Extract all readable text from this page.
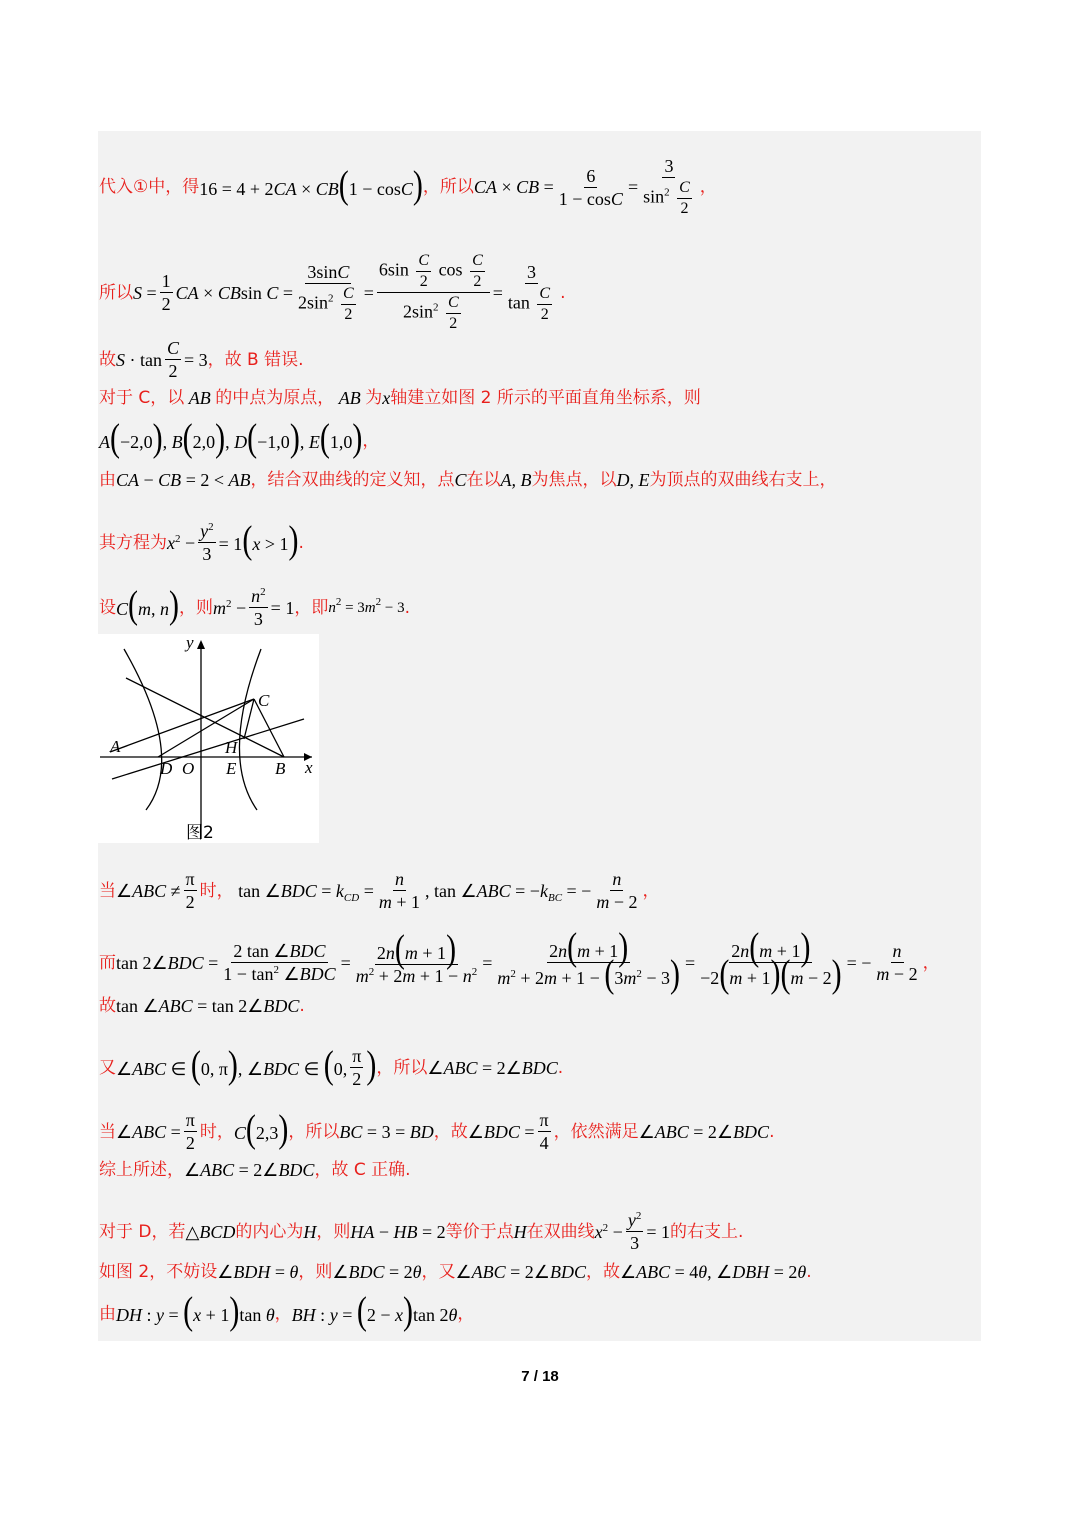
代入①中，得 16 = 4 + 2CA × CB(1 − cosC) ，所以 CA × CB = $\frac{6}{1 - \cos C} = \frac{3}{\sin^2 \frac{C}{2}}$ ，
所以 $S = \frac{1}{2}$ CA × CBsin $C = \frac{3\sin C}{2\sin^2 \frac{C}{2}} = \frac{6\sin \frac{C}{2} \cos \frac{C}{2}}{2\sin^2 \frac{C}{2}} = \frac{3}{\tan \frac{C}{2}}$ .
故 $S \cdot \tan \frac{C}{2} = 3$ ，故 B 错误.
对于 C，以 AB 的中点为原点， AB 为 x 轴建立如图 2 所示的平面直角坐标系，则
A(−2,0), B(2,0), D(−1,0), E(1,0) ，
由 CA − CB = 2 < AB ，结合双曲线的定义知，点 C 在以 A, B 为焦点，以 D, E 为顶点的双曲线右支上，
其方程为 $x^2 - \frac{y^2}{3} = 1(x > 1)$ .
设 C(m, n) ，则 $m^2 - \frac{n^2}{3} = 1$ ，即 $n^2 = 3m^2 - 3$ .
y
x
A
C
H
D O E B
图2
当 ∠ABC ≠
π
2
时， tan ∠BDC = $k_{CD} = \frac{n}{m + 1}$ , tan ∠ABC = $-k_{BC}$ = − $\frac{n}{m - 2}$ ，
而 tan 2∠BDC =
2 tan ∠BDC
$1 - \tan^2$ ∠BDC
= $\frac{2n(m + 1)}{m^2 + 2m + 1 - n^2} = \frac{2n(m + 1)}{m^2 + 2m + 1 - (3m^2 - 3)} = \frac{2n(m + 1)}{-2(m + 1)(m - 2)}$ = − $\frac{n}{m - 2}$ ，
故 tan ∠ABC = tan 2∠BDC .
又 ∠ABC ∈ (0, π), ∠BDC ∈ (0,
π
2 ) ，所以 ∠ABC = 2∠BDC .
当 ∠ABC = $\frac{\pi}{2}$ 时， C(2,3) ，所以 BC = 3 = BD ，故 ∠BDC = $\frac{\pi}{4}$ ，依然满足 ∠ABC = 2∠BDC .
综上所述， ∠ABC = 2∠BDC ，故 C 正确.
对于 D，若 △BCD 的内心为 H ，则 HA − HB = 2 等价于点 H 在双曲线 $x^2 - \frac{y^2}{3} = 1$ 的右支上.
如图 2，不妨设 ∠BDH = θ ，则 ∠BDC = 2θ ，又 ∠ABC = 2∠BDC ，故 ∠ABC = 4θ, ∠DBH = 2θ .
由 DH : y = (x + 1)tan θ ， BH : y = (2 − x)tan 2θ ，
7 / 18
